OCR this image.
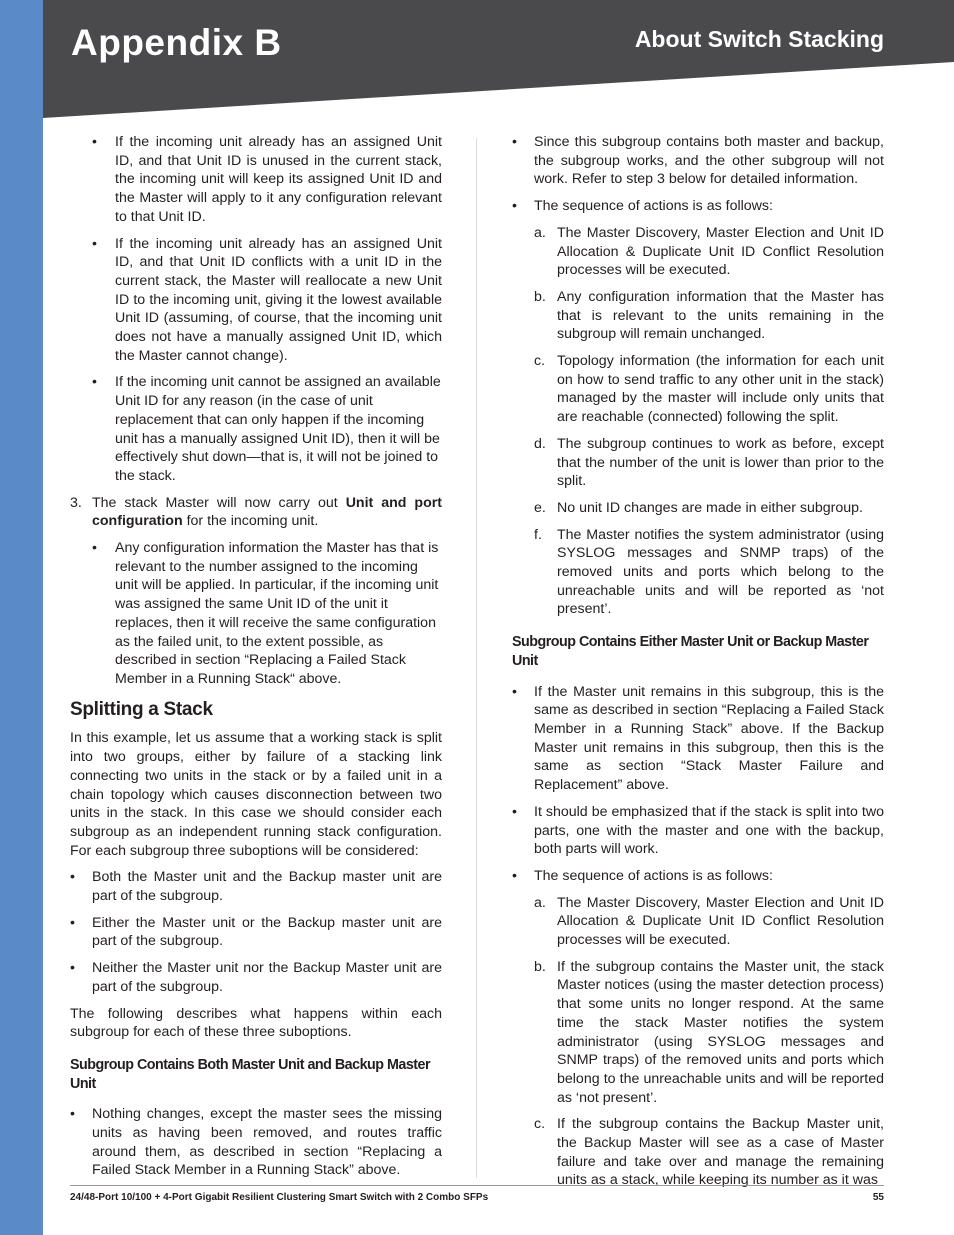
Appendix B	About Switch Stacking
• If the incoming unit already has an assigned Unit ID, and that Unit ID is unused in the current stack, the incoming unit will keep its assigned Unit ID and the Master will apply to it any configuration relevant to that Unit ID.
• If the incoming unit already has an assigned Unit ID, and that Unit ID conflicts with a unit ID in the current stack, the Master will reallocate a new Unit ID to the incoming unit, giving it the lowest available Unit ID (assuming, of course, that the incoming unit does not have a manually assigned Unit ID, which the Master cannot change).
• If the incoming unit cannot be assigned an available Unit ID for any reason (in the case of unit replacement that can only happen if the incoming unit has a manually assigned Unit ID), then it will be effectively shut down—that is, it will not be joined to the stack.
3. The stack Master will now carry out Unit and port configuration for the incoming unit.
• Any configuration information the Master has that is relevant to the number assigned to the incoming unit will be applied. In particular, if the incoming unit was assigned the same Unit ID of the unit it replaces, then it will receive the same configuration as the failed unit, to the extent possible, as described in section “Replacing a Failed Stack Member in a Running Stack“ above.
Splitting a Stack

In this example, let us assume that a working stack is split into two groups, either by failure of a stacking link connecting two units in the stack or by a failed unit in a chain topology which causes disconnection between two units in the stack. In this case we should consider each subgroup as an independent running stack configuration. For each subgroup three suboptions will be considered:

• Both the Master unit and the Backup master unit are part of the subgroup.
• Either the Master unit or the Backup master unit are part of the subgroup.
• Neither the Master unit nor the Backup Master unit are part of the subgroup.

The following describes what happens within each subgroup for each of these three suboptions.

Subgroup Contains Both Master Unit and Backup Master Unit
• Nothing changes, except the master sees the missing units as having been removed, and routes traffic around them, as described in section “Replacing a Failed Stack Member in a Running Stack” above.
• Since this subgroup contains both master and backup, the subgroup works, and the other subgroup will not work. Refer to step 3 below for detailed information.
• The sequence of actions is as follows:
a. The Master Discovery, Master Election and Unit ID Allocation & Duplicate Unit ID Conflict Resolution processes will be executed.
b. Any configuration information that the Master has that is relevant to the units remaining in the subgroup will remain unchanged.
c. Topology information (the information for each unit on how to send traffic to any other unit in the stack) managed by the master will include only units that are reachable (connected) following the split.
d. The subgroup continues to work as before, except that the number of the unit is lower than prior to the split.
e. No unit ID changes are made in either subgroup.
f. The Master notifies the system administrator (using SYSLOG messages and SNMP traps) of the removed units and ports which belong to the unreachable units and will be reported as ‘not present’.
Subgroup Contains Either Master Unit or Backup Master Unit
• If the Master unit remains in this subgroup, this is the same as described in section “Replacing a Failed Stack Member in a Running Stack” above. If the Backup Master unit remains in this subgroup, then this is the same as section “Stack Master Failure and Replacement” above.
• It should be emphasized that if the stack is split into two parts, one with the master and one with the backup, both parts will work.
• The sequence of actions is as follows:
a. The Master Discovery, Master Election and Unit ID Allocation & Duplicate Unit ID Conflict Resolution processes will be executed.
b. If the subgroup contains the Master unit, the stack Master notices (using the master detection process) that some units no longer respond. At the same time the stack Master notifies the system administrator (using SYSLOG messages and SNMP traps) of the removed units and ports which belong to the unreachable units and will be reported as ‘not present’.
c. If the subgroup contains the Backup Master unit, the Backup Master will see as a case of Master failure and take over and manage the remaining units as a stack, while keeping its number as it was
24/48-Port 10/100 + 4-Port Gigabit Resilient Clustering Smart Switch with 2 Combo SFPs	55
